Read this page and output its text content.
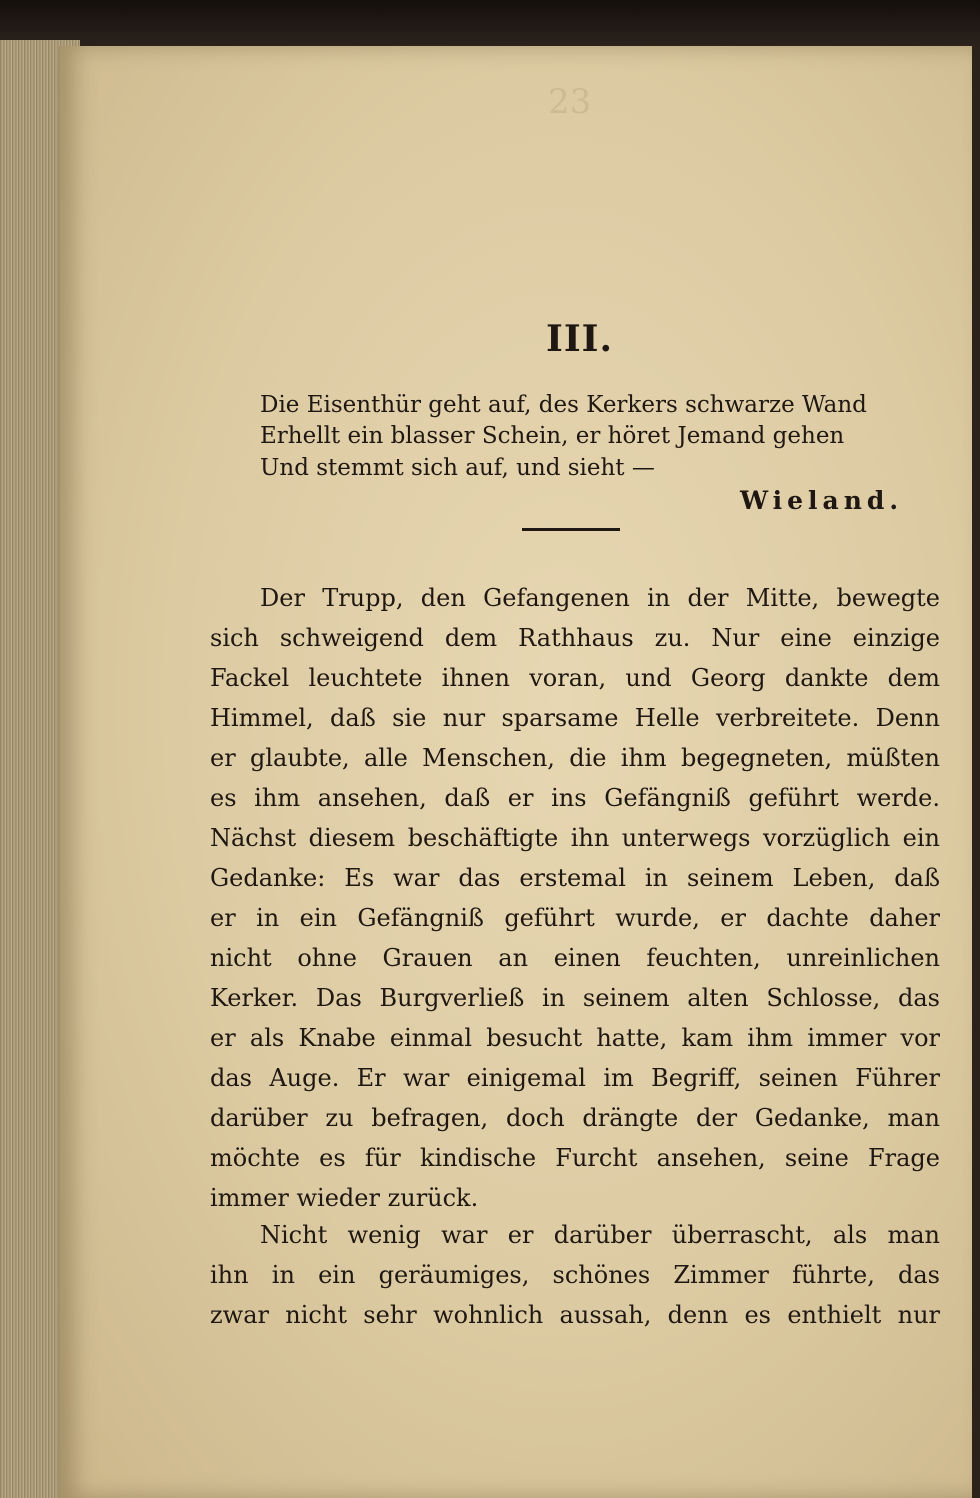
23
III.
Die Eisenthür geht auf, des Kerkers schwarze Wand
Erhellt ein blasser Schein, er höret Jemand gehen
Und stemmt sich auf, und sieht —
Wieland.
Der Trupp, den Gefangenen in der Mitte, bewegte
sich schweigend dem Rathhaus zu. Nur eine einzige
Fackel leuchtete ihnen voran, und Georg dankte dem
Himmel, daß sie nur sparsame Helle verbreitete. Denn
er glaubte, alle Menschen, die ihm begegneten, müßten
es ihm ansehen, daß er ins Gefängniß geführt werde.
Nächst diesem beschäftigte ihn unterwegs vorzüglich ein
Gedanke: Es war das erstemal in seinem Leben, daß
er in ein Gefängniß geführt wurde, er dachte daher
nicht ohne Grauen an einen feuchten, unreinlichen
Kerker. Das Burgverließ in seinem alten Schlosse, das
er als Knabe einmal besucht hatte, kam ihm immer vor
das Auge. Er war einigemal im Begriff, seinen Führer
darüber zu befragen, doch drängte der Gedanke, man
möchte es für kindische Furcht ansehen, seine Frage
immer wieder zurück.
Nicht wenig war er darüber überrascht, als man
ihn in ein geräumiges, schönes Zimmer führte, das
zwar nicht sehr wohnlich aussah, denn es enthielt nur
